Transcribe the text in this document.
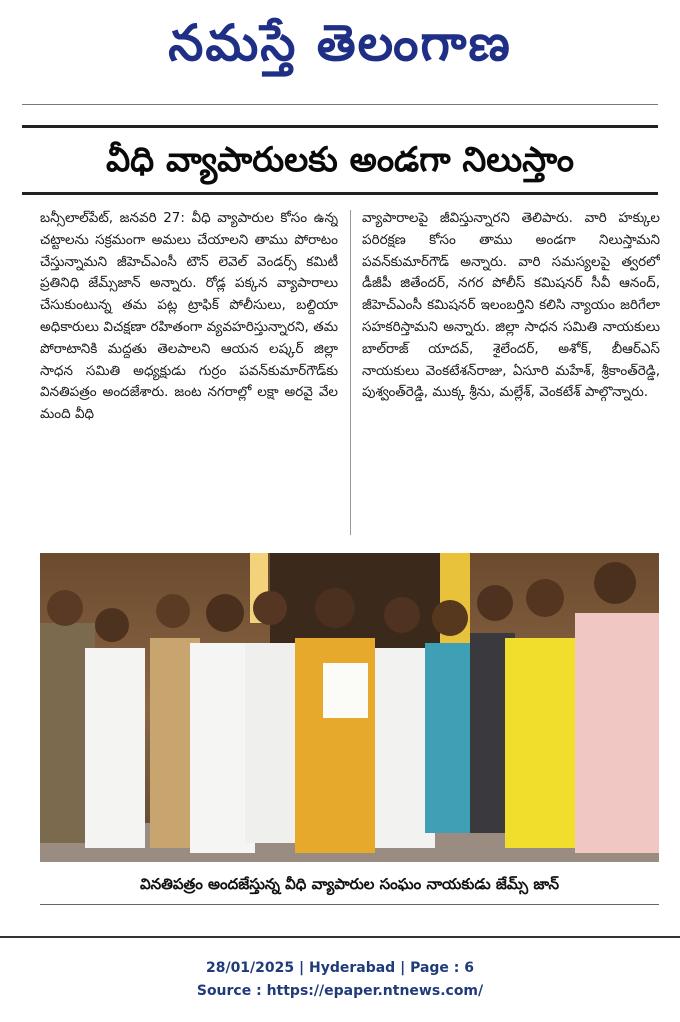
నమస్తే తెలంగాణ
వీధి వ్యాపారులకు అండగా నిలుస్తాం

బన్సీలాల్‌పేట్, జనవరి 27: వీధి వ్యాపారుల కోసం ఉన్న చట్టాలను సక్రమంగా అమలు చేయాలని తాము పోరాటం చేస్తున్నామని జీహెచ్‌ఎంసీ టౌన్ లెవెల్ వెండర్స్ కమిటీ ప్రతినిధి జేమ్స్‌జాన్ అన్నారు. రోడ్ల పక్కన వ్యాపారాలు చేసుకుంటున్న తమ పట్ల ట్రాఫిక్ పోలీసులు, బల్దియా అధికారులు విచక్షణా రహితంగా వ్యవహరిస్తున్నారని, తమ పోరాటానికి మద్దతు తెలపాలని ఆయన లష్కర్ జిల్లా సాధన సమితి అధ్యక్షుడు గుర్రం పవన్‌కుమార్‌గౌడ్‌కు వినతిపత్రం అందజేశారు. జంట నగరాల్లో లక్షా అరవై వేల మంది వీధి

వ్యాపారాలపై జీవిస్తున్నారని తెలిపారు. వారి హక్కుల పరిరక్షణ కోసం తాము అండగా నిలుస్తామని పవన్‌కుమార్‌గౌడ్ అన్నారు. వారి సమస్యలపై త్వరలో డీజీపీ జితేందర్, నగర పోలీస్ కమిషనర్ సీవీ ఆనంద్, జీహెచ్‌ఎంసీ కమిషనర్ ఇలంబర్తిని కలిసి న్యాయం జరిగేలా సహకరిస్తామని అన్నారు. జిల్లా సాధన సమితి నాయకులు బాల్‌రాజ్ యాదవ్, శైలేందర్, అశోక్, బీఆర్‌ఎస్ నాయకులు వెంకటేశన్‌రాజు, ఏసూరి మహేశ్, శ్రీకాంత్‌రెడ్డి, పుశ్వంత్‌రెడ్డి, ముక్క శ్రీను, మల్లేశ్, వెంకటేశ్ పాల్గొన్నారు.

వినతిపత్రం అందజేస్తున్న వీధి వ్యాపారుల సంఘం నాయకుడు జేమ్స్ జాన్
28/01/2025 | Hyderabad | Page : 6
Source : https://epaper.ntnews.com/
